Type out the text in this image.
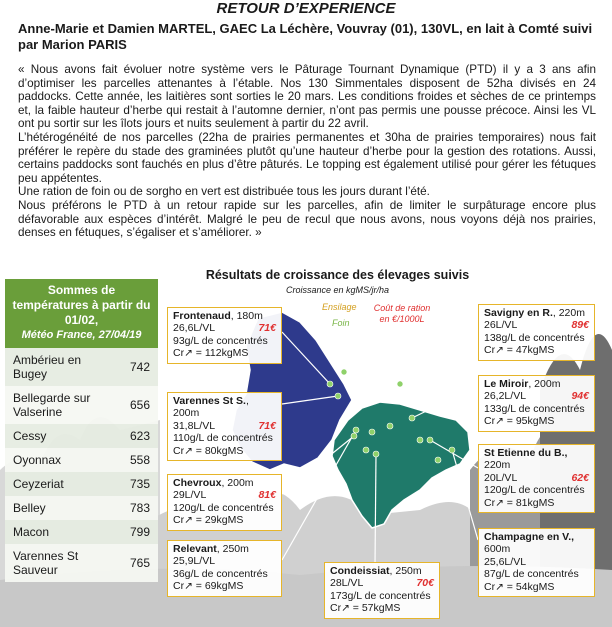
RETOUR D’EXPERIENCE
Anne-Marie et Damien MARTEL, GAEC La Léchère, Vouvray (01), 130VL, en lait à Comté suivi par Marion PARIS

« Nous avons fait évoluer notre système vers le Pâturage Tournant Dynamique (PTD) il y a 3 ans afin d’optimiser les parcelles attenantes à l’étable. Nos 130 Simmentales disposent de 52ha divisés en 24 paddocks. Cette année, les laitières sont sorties le 20 mars. Les conditions froides et sèches de ce printemps et, la faible hauteur d’herbe qui restait à l’automne dernier, n’ont pas permis une pousse précoce. Ainsi les VL ont pu sortir sur les îlots jours et nuits seulement à partir du 22 avril.

L’hétérogénéité de nos parcelles (22ha de prairies permanentes et 30ha de prairies temporaires) nous fait préférer le repère du stade des graminées plutôt qu’une hauteur d’herbe pour la gestion des rotations. Aussi, certains paddocks sont fauchés en plus d’être pâturés. Le topping est également utilisé pour gérer les fétuques peu appétentes.

Une ration de foin ou de sorgho en vert est distribuée tous les jours durant l’été.

Nous préférons le PTD à un retour rapide sur les parcelles, afin de limiter le surpâturage encore plus défavorable aux espèces d’intérêt. Malgré le peu de recul que nous avons, nous voyons déjà nos prairies, denses en fétuques, s’égaliser et s’améliorer. »

Sommes de températures à partir du 01/02,
Météo France, 27/04/19
Ambérieu en Bugey	742
Bellegarde sur Valserine	656
Cessy	623
Oyonnax	558
Ceyzeriat	735
Belley	783
Macon	799
Varennes St Sauveur	765
Résultats de croissance des élevages suivis
Croissance en kgMS/jr/ha
Ensilage
Foin
Coût de ration en €/1000L
Frontenaud, 180m
26,6L/VL	71€
93g/L de concentrés
Cr↗ = 112kgMS
Varennes St S., 200m
31,8L/VL	71€
110g/L de concentrés
Cr↗ = 80kgMS
Chevroux, 200m
29L/VL	81€
120g/L de concentrés
Cr↗ = 29kgMS
Relevant, 250m
25,9L/VL
36g/L de concentrés
Cr↗ = 69kgMS
Condeissiat, 250m
28L/VL	70€
173g/L de concentrés
Cr↗ = 57kgMS
Savigny en R., 220m
26L/VL	89€
138g/L de concentrés
Cr↗ = 47kgMS
Le Miroir, 200m
26,2L/VL	94€
133g/L de concentrés
Cr↗ = 95kgMS
St Etienne du B.,
220m
20L/VL	62€
120g/L de concentrés
Cr↗ = 81kgMS
Champagne en V.,
600m
25,6L/VL
87g/L de concentrés
Cr↗ = 54kgMS
